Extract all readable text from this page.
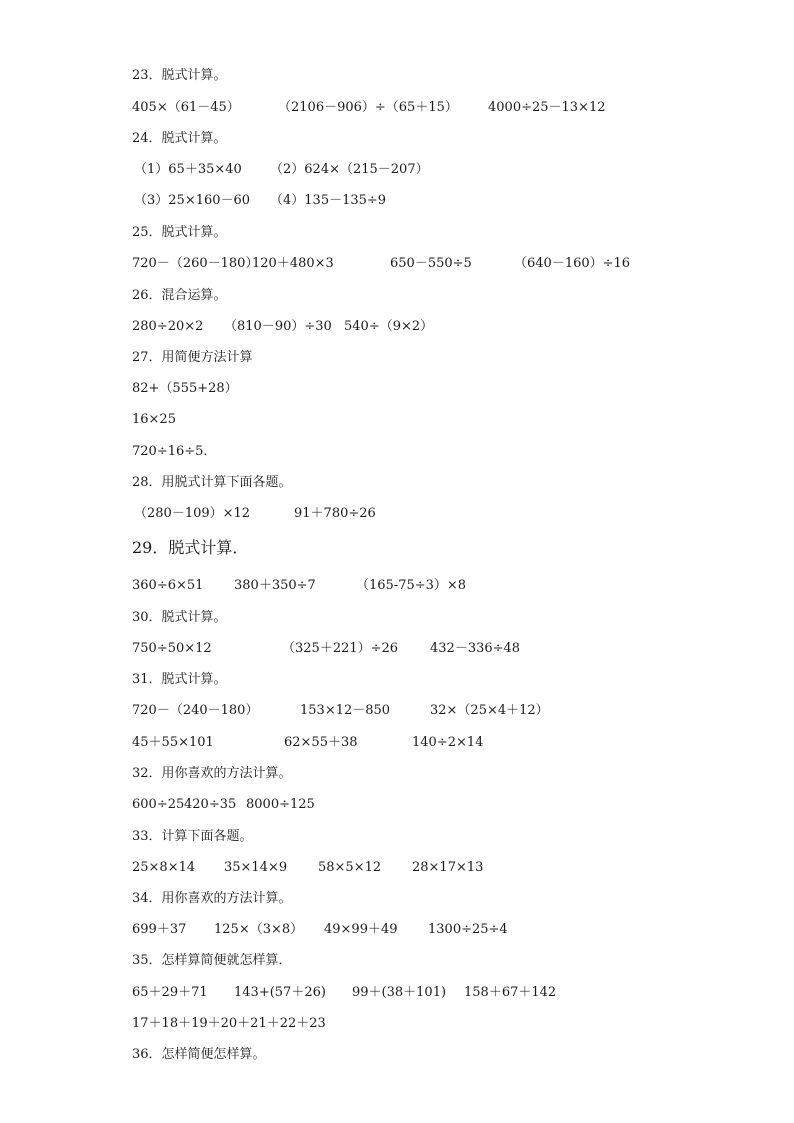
23．脱式计算。
405×（61－45）	（2106－906）÷（65＋15） 4000÷25－13×12
24．脱式计算。
（1）65＋35×40 （2）624×（215－207）
（3）25×160－60 （4）135－135÷9
25．脱式计算。
720－（260－180）
120＋480×3	650－550÷5	（640－160）÷16
26．混合运算。
280÷20×2 （810－90）÷30 540÷（9×2）
27．用简便方法计算
82+（555+28）
16×25
720÷16÷5．
28．用脱式计算下面各题。
（280－109）×12	91＋780÷26
29．脱式计算．
360÷6×51 380＋350÷7	（165-75÷3）×8
30．脱式计算。
750÷50×12	（325＋221）÷26 432－336÷48
31．脱式计算。
720－（240－180）	153×12－850	32×（25×4＋12）
45＋55×101	62×55＋38	140÷2×14
32．用你喜欢的方法计算。
600÷25 420÷35 8000÷125
33．计算下面各题。
25×8×14 35×14×9 58×5×12 28×17×13
34．用你喜欢的方法计算。
699＋37 125×（3×8） 49×99＋49 1300÷25÷4
35．怎样算简便就怎样算．
65＋29＋71 143+(57＋26) 99＋(38＋101) 158＋67＋142
17＋18＋19＋20＋21＋22＋23
36．怎样简便怎样算。
